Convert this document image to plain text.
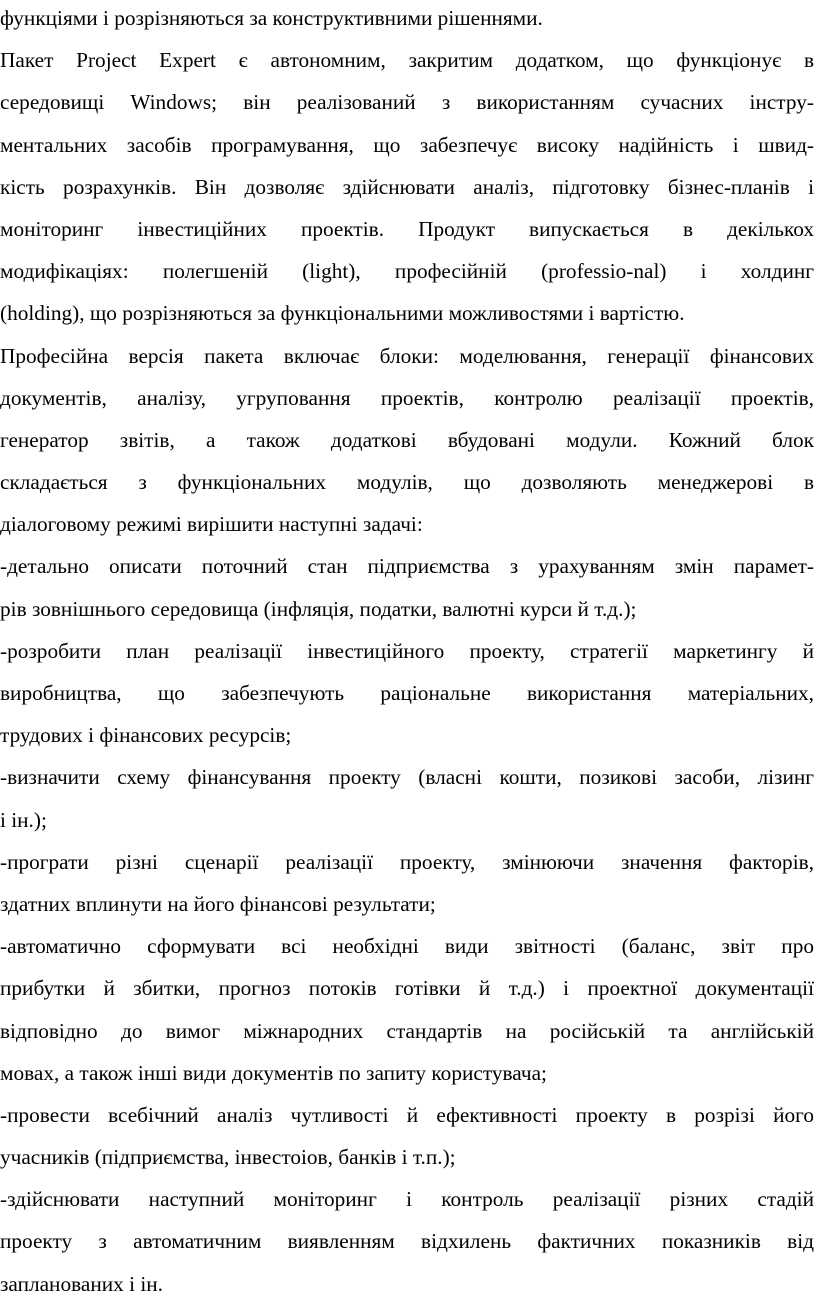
функціями і розрізняються за конструктивними рішеннями.
Пакет Project Expert є автономним, закритим додатком, що функціонує в
середовищі Windows; він реалізований з використанням сучасних інстру-
ментальних засобів програмування, що забезпечує високу надійність і швид-
кість розрахунків. Він дозволяє здійснювати аналіз, підготовку бізнес-планів і
моніторинг інвестиційних проектів. Продукт випускається в декількох
модифікаціях: полегшеній (light), професійній (professio-nal) і холдинг
(holding), що розрізняються за функціональними можливостями і вартістю.
Професійна версія пакета включає блоки: моделювання, генерації фінансових
документів, аналізу, угруповання проектів, контролю реалізації проектів,
генератор звітів, а також додаткові вбудовані модули. Кожний блок
складається з функціональних модулів, що дозволяють менеджерові в
діалоговому режимі вирішити наступні задачі:
-детально описати поточний стан підприємства з урахуванням змін парамет-
рів зовнішнього середовища (інфляція, податки, валютні курси й т.д.);
-розробити план реалізації інвестиційного проекту, стратегії маркетингу й
виробництва, що забезпечують раціональне використання матеріальних,
трудових і фінансових ресурсів;
-визначити схему фінансування проекту (власні кошти, позикові засоби, лізинг
і ін.);
-програти різні сценарії реалізації проекту, змінюючи значення факторів,
здатних вплинути на його фінансові результати;
-автоматично сформувати всі необхідні види звітності (баланс, звіт про
прибутки й збитки, прогноз потоків готівки й т.д.) і проектної документації
відповідно до вимог міжнародних стандартів на російській та англійській
мовах, а також інші види документів по запиту користувача;
-провести всебічний аналіз чутливості й ефективності проекту в розрізі його
учасників (підприємства, інвестоіов, банків і т.п.);
-здійснювати наступний моніторинг і контроль реалізації різних стадій
проекту з автоматичним виявленням відхилень фактичних показників від
запланованих і ін.
